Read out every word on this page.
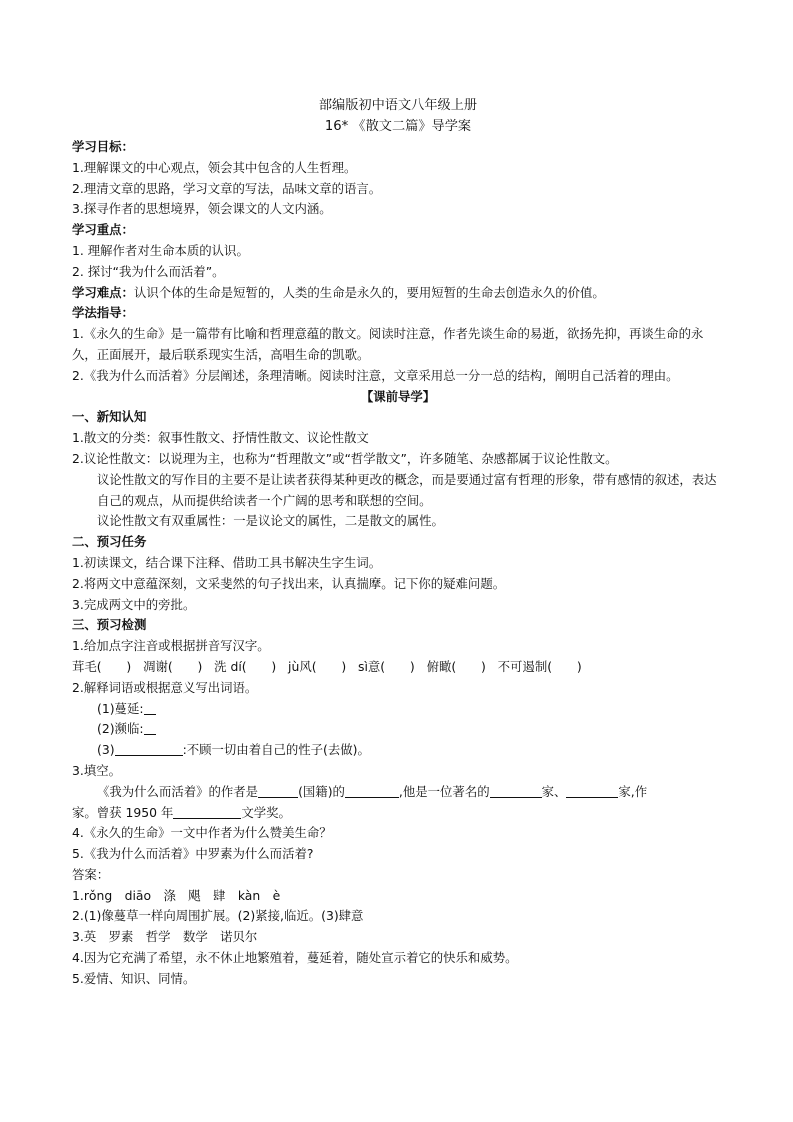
部编版初中语文八年级上册
16* 《散文二篇》导学案
学习目标：
1.理解课文的中心观点，领会其中包含的人生哲理。
2.理清文章的思路，学习文章的写法，品味文章的语言。
3.探寻作者的思想境界，领会课文的人文内涵。
学习重点：
1. 理解作者对生命本质的认识。
2. 探讨“我为什么而活着”。
学习难点：认识个体的生命是短暂的，人类的生命是永久的，要用短暂的生命去创造永久的价值。
学法指导：
1.《永久的生命》是一篇带有比喻和哲理意蕴的散文。阅读时注意，作者先谈生命的易逝，欲扬先抑，再谈生命的永久，正面展开，最后联系现实生活，高唱生命的凯歌。
2.《我为什么而活着》分层阐述，条理清晰。阅读时注意，文章采用总一分一总的结构，阐明自己活着的理由。
【课前导学】
一、新知认知
1.散文的分类：叙事性散文、抒情性散文、议论性散文
2.议论性散文：以说理为主，也称为“哲理散文”或“哲学散文”，许多随笔、杂感都属于议论性散文。
议论性散文的写作目的主要不是让读者获得某种更改的概念，而是要通过富有哲理的形象，带有感情的叙述，表达自己的观点，从而提供给读者一个广阔的思考和联想的空间。
议论性散文有双重属性：一是议论文的属性，二是散文的属性。
二、预习任务
1.初读课文，结合课下注释、借助工具书解决生字生词。
2.将两文中意蕴深刻，文采斐然的句子找出来，认真揣摩。记下你的疑难问题。
3.完成两文中的旁批。
三、预习检测
1.给加点字注音或根据拼音写汉字。
茸毛(　　) 凋谢(　　) 洗 dí(　　) jù风(　　) sì意(　　) 俯瞰(　　) 不可遏制(　　)
2.解释词语或根据意义写出词语。
(1)蔓延:
(2)濒临:
(3)	:不顾一切由着自己的性子(去做)。
3.填空。
《我为什么而活着》的作者是	(国籍)的	,他是一位著名的	家、	家,作
家。曾获 1950 年	文学奖。
4.《永久的生命》一文中作者为什么赞美生命？
5.《我为什么而活着》中罗素为什么而活着?
答案：
1.rǒng　diāo　涤　飓　肆　kàn　è
2.(1)像蔓草一样向周围扩展。(2)紧接,临近。(3)肆意
3.英　罗素　哲学　数学　诺贝尔
4.因为它充满了希望，永不休止地繁殖着，蔓延着，随处宣示着它的快乐和威势。
5.爱情、知识、同情。
